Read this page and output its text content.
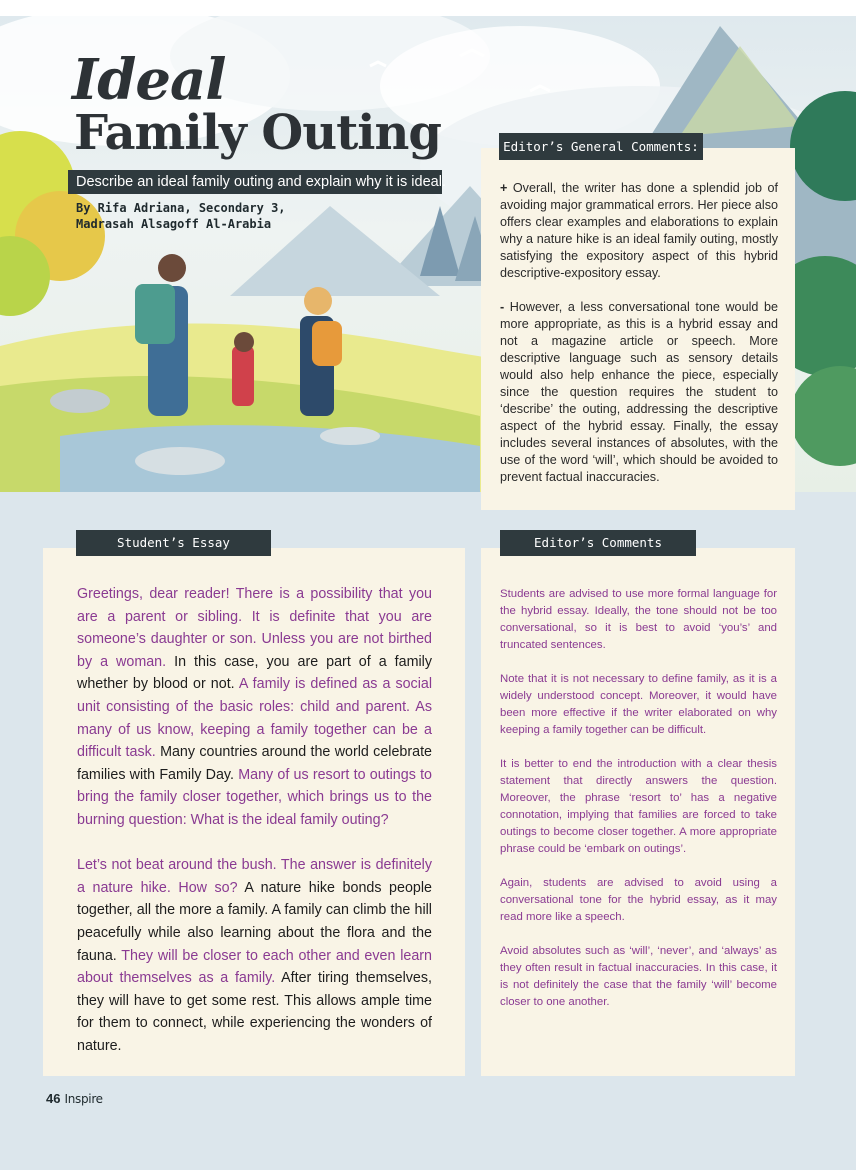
Ideal
Family Outing
Describe an ideal family outing and explain why it is ideal.
By Rifa Adriana, Secondary 3,
Madrasah Alsagoff Al-Arabia
Editor’s General Comments:

+ Overall, the writer has done a splendid job of avoiding major grammatical errors. Her piece also offers clear examples and elaborations to explain why a nature hike is an ideal family outing, mostly satisfying the expository aspect of this hybrid descriptive-expository essay.

- However, a less conversational tone would be more appropriate, as this is a hybrid essay and not a magazine article or speech. More descriptive language such as sensory details would also help enhance the piece, especially since the question requires the student to ‘describe’ the outing, addressing the descriptive aspect of the hybrid essay. Finally, the essay includes several instances of absolutes, with the use of the word ‘will’, which should be avoided to prevent factual inaccuracies.

Student’s Essay

Greetings, dear reader! There is a possibility that you are a parent or sibling. It is definite that you are someone’s daughter or son. Unless you are not birthed by a woman. In this case, you are part of a family whether by blood or not. A family is defined as a social unit consisting of the basic roles: child and parent. As many of us know, keeping a family together can be a difficult task. Many countries around the world celebrate families with Family Day. Many of us resort to outings to bring the family closer together, which brings us to the burning question: What is the ideal family outing?

Let’s not beat around the bush. The answer is definitely a nature hike. How so? A nature hike bonds people together, all the more a family. A family can climb the hill peacefully while also learning about the flora and the fauna. They will be closer to each other and even learn about themselves as a family. After tiring themselves, they will have to get some rest. This allows ample time for them to connect, while experiencing the wonders of nature.

Editor’s Comments

Students are advised to use more formal language for the hybrid essay. Ideally, the tone should not be too conversational, so it is best to avoid ‘you’s’ and truncated sentences.

Note that it is not necessary to define family, as it is a widely understood concept. Moreover, it would have been more effective if the writer elaborated on why keeping a family together can be difficult.

It is better to end the introduction with a clear thesis statement that directly answers the question. Moreover, the phrase ‘resort to’ has a negative connotation, implying that families are forced to take outings to become closer together. A more appropriate phrase could be ‘embark on outings’.

Again, students are advised to avoid using a conversational tone for the hybrid essay, as it may read more like a speech.

Avoid absolutes such as ‘will’, ‘never’, and ‘always’ as they often result in factual inaccuracies. In this case, it is not definitely the case that the family ‘will’ become closer to one another.

46 Inspire
